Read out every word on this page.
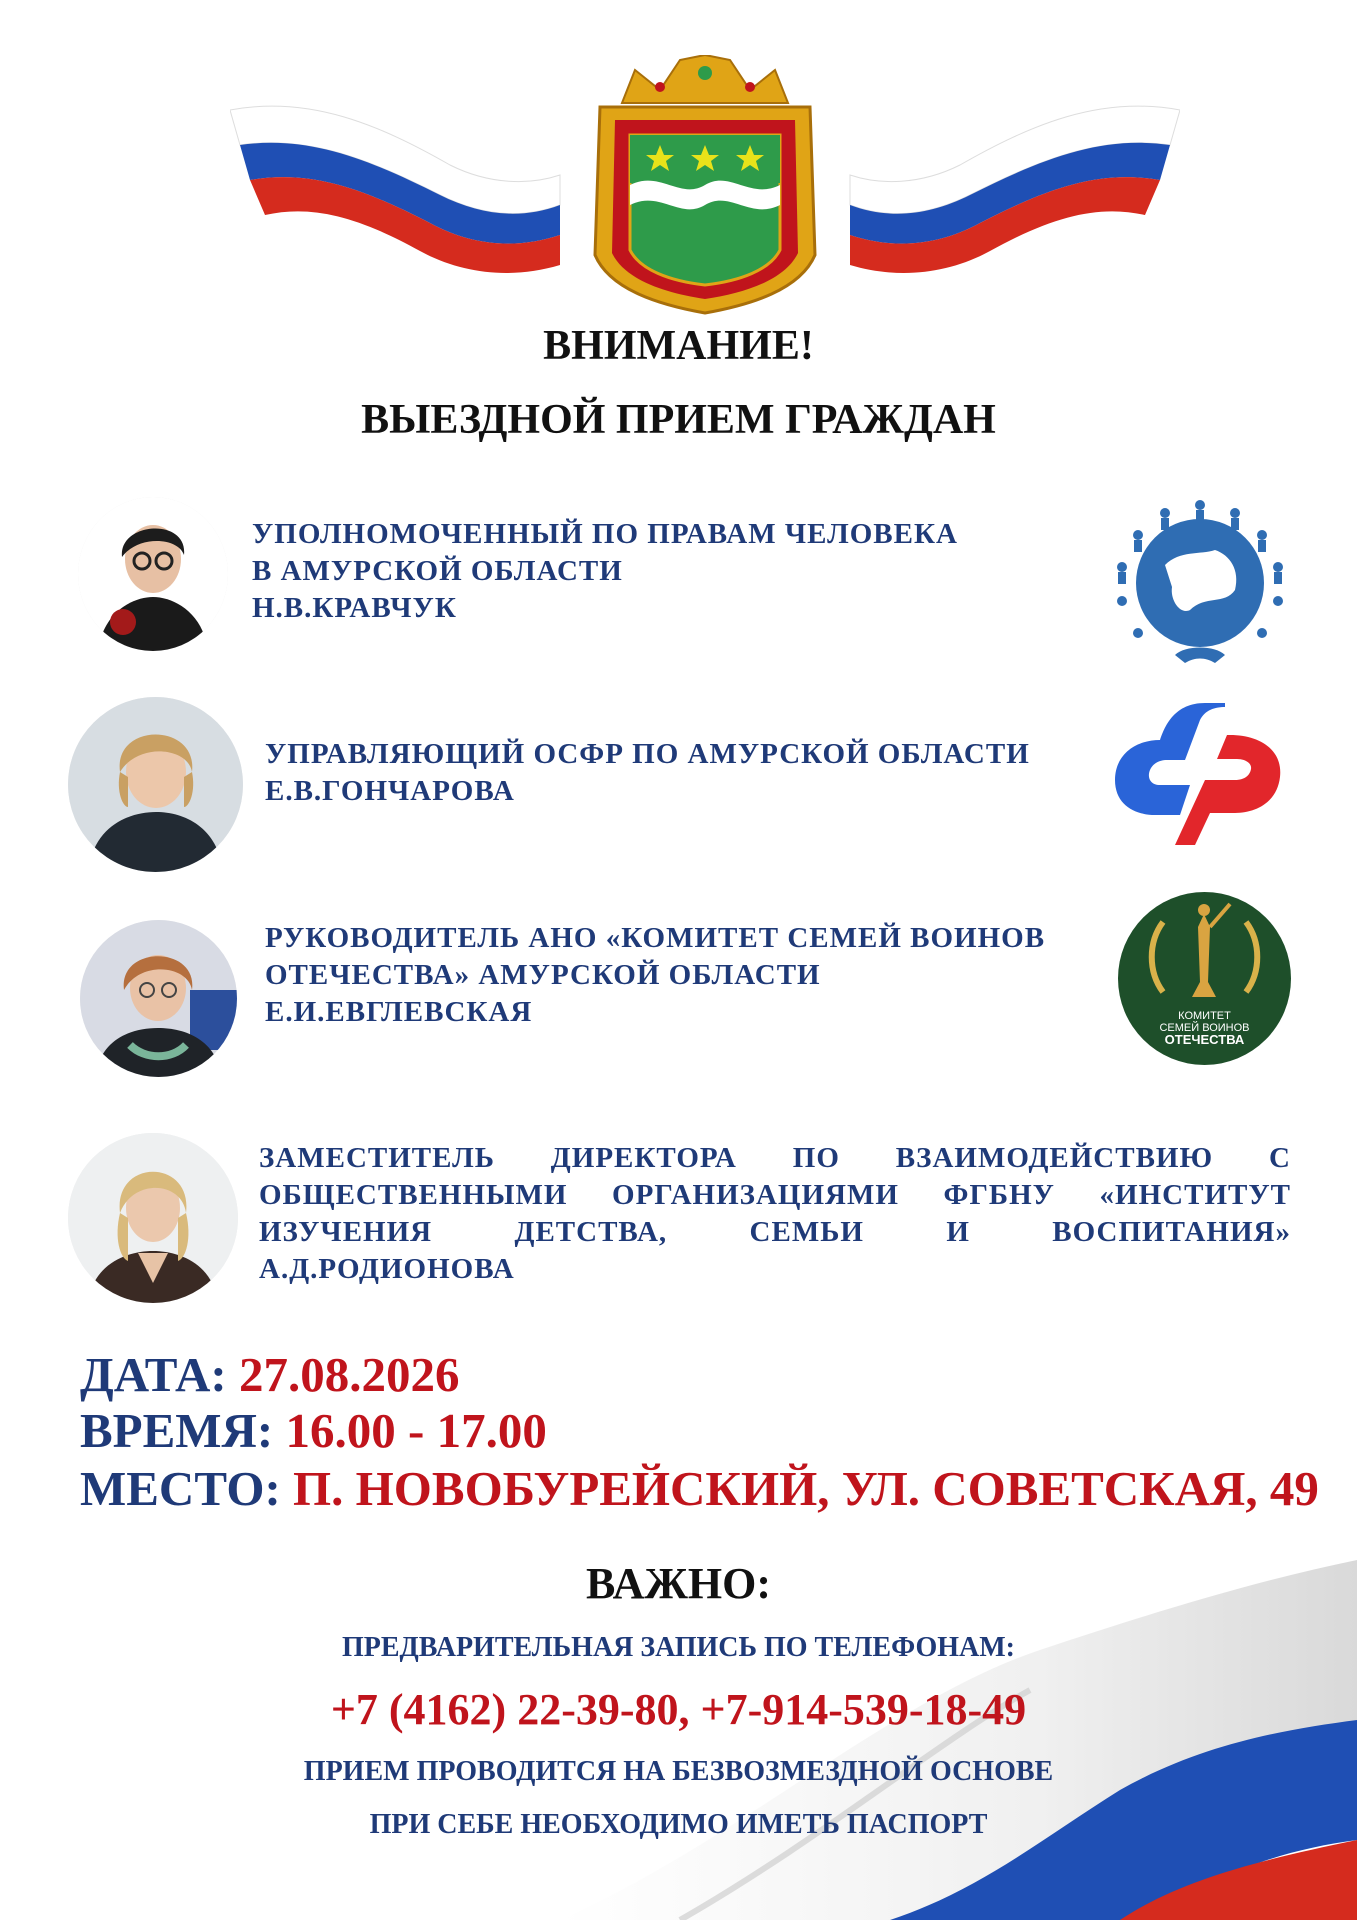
ВНИМАНИЕ!
ВЫЕЗДНОЙ ПРИЕМ ГРАЖДАН
УПОЛНОМОЧЕННЫЙ ПО ПРАВАМ ЧЕЛОВЕКА
В АМУРСКОЙ ОБЛАСТИ
Н.В.КРАВЧУК
УПРАВЛЯЮЩИЙ ОСФР ПО АМУРСКОЙ ОБЛАСТИ
Е.В.ГОНЧАРОВА
РУКОВОДИТЕЛЬ АНО «КОМИТЕТ СЕМЕЙ ВОИНОВ
ОТЕЧЕСТВА» АМУРСКОЙ ОБЛАСТИ
Е.И.ЕВГЛЕВСКАЯ	КОМИТЕТ
СЕМЕЙ ВОИНОВ
ОТЕЧЕСТВА
ЗАМЕСТИТЕЛЬ ДИРЕКТОРА ПО ВЗАИМОДЕЙСТВИЮ С
ОБЩЕСТВЕННЫМИ ОРГАНИЗАЦИЯМИ ФГБНУ «ИНСТИТУТ
ИЗУЧЕНИЯ ДЕТСТВА, СЕМЬИ И ВОСПИТАНИЯ»
А.Д.РОДИОНОВА
ДАТА: 27.08.2026
ВРЕМЯ: 16.00 - 17.00
МЕСТО: П. НОВОБУРЕЙСКИЙ, УЛ. СОВЕТСКАЯ, 49
ВАЖНО:
ПРЕДВАРИТЕЛЬНАЯ ЗАПИСЬ ПО ТЕЛЕФОНАМ:
+7 (4162) 22-39-80, +7-914-539-18-49
ПРИЕМ ПРОВОДИТСЯ НА БЕЗВОЗМЕЗДНОЙ ОСНОВЕ
ПРИ СЕБЕ НЕОБХОДИМО ИМЕТЬ ПАСПОРТ
